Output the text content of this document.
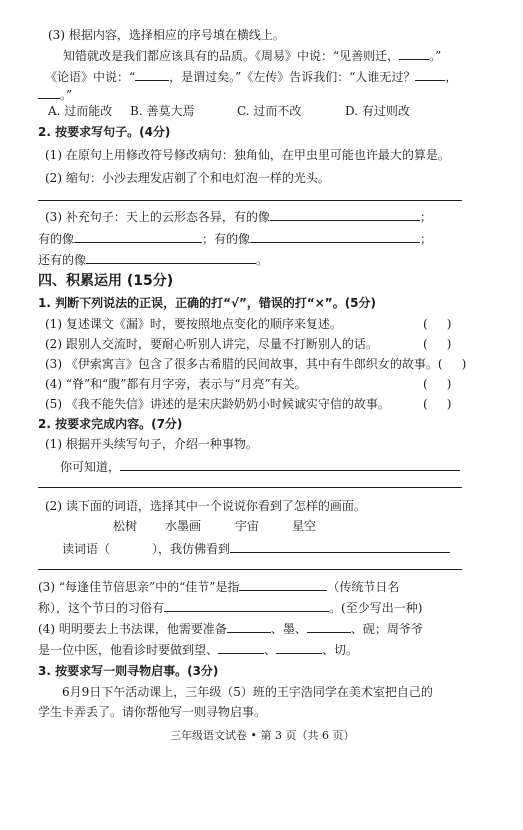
(3) 根据内容，选择相应的序号填在横线上。
知错就改是我们都应该具有的品质。《周易》中说：“见善则迁，	。”
《论语》中说：“	，是谓过矣。”《左传》告诉我们：“人谁无过？	，
。”
A. 过而能改 B. 善莫大焉	C. 过而不改	D. 有过则改
2. 按要求写句子。(4分)
(1) 在原句上用修改符号修改病句：独角仙，在甲虫里可能也许最大的算是。
(2) 缩句：小沙去理发店剃了个和电灯泡一样的光头。
(3) 补充句子：天上的云形态各异，有的像	；
有的像	；有的像	；
还有的像	。
四、积累运用 (15分)
1. 判断下列说法的正误，正确的打“√”，错误的打“×”。(5分)
(1) 复述课文《漏》时，要按照地点变化的顺序来复述。	(     )
(2) 跟别人交流时，要耐心听别人讲完，尽量不打断别人的话。	(     )
(3) 《伊索寓言》包含了很多古希腊的民间故事，其中有牛郎织女的故事。(     )
(4) “脊”和“腹”都有月字旁，表示与“月亮”有关。	(     )
(5) 《我不能失信》讲述的是宋庆龄奶奶小时候诚实守信的故事。	(     )
2. 按要求完成内容。(7分)
(1) 根据开头续写句子，介绍一种事物。
你可知道，
(2) 读下面的词语，选择其中一个说说你看到了怎样的画面。
松树 水墨画	宇宙	星空
读词语（	），我仿佛看到
(3) “每逢佳节倍思亲”中的“佳节”是指	（传统节日名
称），这个节日的习俗有	。(至少写出一种)
(4) 明明要去上书法课，他需要准备	、墨、	、砚；周爷爷
是一位中医，他看诊时要做到望、	、	、切。
3. 按要求写一则寻物启事。(3分)
6月9日下午活动课上，三年级（5）班的王宇浩同学在美术室把自己的
学生卡弄丢了。请你帮他写一则寻物启事。
三年级语文试卷 • 第 3 页（共 6 页）
